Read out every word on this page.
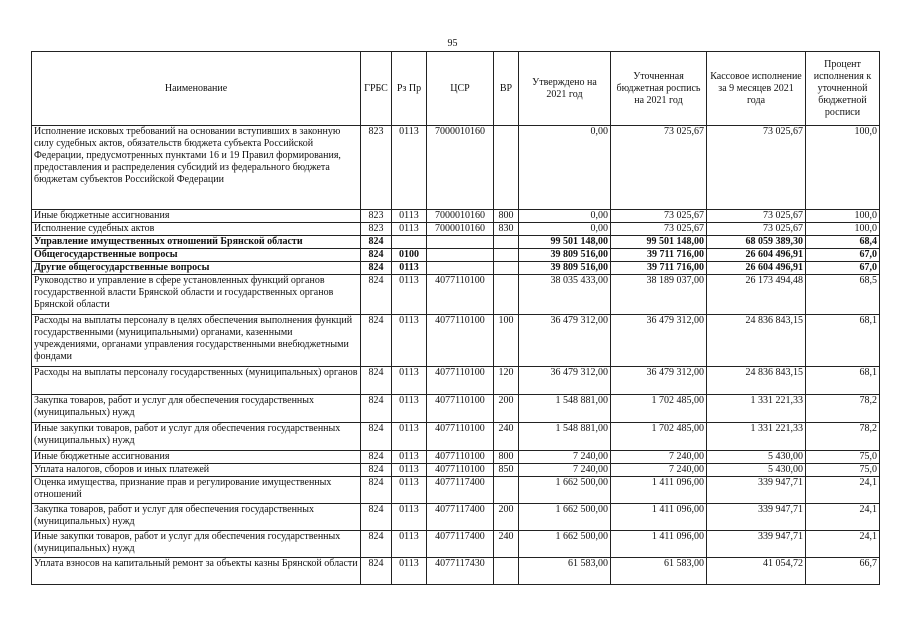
95
Наименование	ГРБС	Рз Пр	ЦСР	ВР	Утверждено на 2021 год	Уточненная бюджетная роспись на 2021 год	Кассовое исполнение за 9 месяцев 2021 года	Процент исполнения к уточненной бюджетной росписи
Исполнение исковых требований на основании вступивших в законную силу судебных актов, обязательств бюджета субъекта Российской Федерации, предусмотренных пунктами 16 и 19 Правил формирования, предоставления и распределения субсидий из федерального бюджета бюджетам субъектов Российской Федерации	823	0113	7000010160		0,00	73 025,67	73 025,67	100,0
Иные бюджетные ассигнования	823	0113	7000010160	800	0,00	73 025,67	73 025,67	100,0
Исполнение судебных актов	823	0113	7000010160	830	0,00	73 025,67	73 025,67	100,0
Управление имущественных отношений Брянской области	824				99 501 148,00	99 501 148,00	68 059 389,30	68,4
Общегосударственные вопросы	824	0100			39 809 516,00	39 711 716,00	26 604 496,91	67,0
Другие общегосударственные вопросы	824	0113			39 809 516,00	39 711 716,00	26 604 496,91	67,0
Руководство и управление в сфере установленных функций органов государственной власти Брянской области и государственных органов Брянской области	824	0113	4077110100		38 035 433,00	38 189 037,00	26 173 494,48	68,5
Расходы на выплаты персоналу в целях обеспечения выполнения функций государственными (муниципальными) органами, казенными учреждениями, органами управления государственными внебюджетными фондами	824	0113	4077110100	100	36 479 312,00	36 479 312,00	24 836 843,15	68,1
Расходы на выплаты персоналу государственных (муниципальных) органов	824	0113	4077110100	120	36 479 312,00	36 479 312,00	24 836 843,15	68,1
Закупка товаров, работ и услуг для обеспечения государственных (муниципальных) нужд	824	0113	4077110100	200	1 548 881,00	1 702 485,00	1 331 221,33	78,2
Иные закупки товаров, работ и услуг для обеспечения государственных (муниципальных) нужд	824	0113	4077110100	240	1 548 881,00	1 702 485,00	1 331 221,33	78,2
Иные бюджетные ассигнования	824	0113	4077110100	800	7 240,00	7 240,00	5 430,00	75,0
Уплата налогов, сборов и иных платежей	824	0113	4077110100	850	7 240,00	7 240,00	5 430,00	75,0
Оценка имущества, признание прав и регулирование имущественных отношений	824	0113	4077117400		1 662 500,00	1 411 096,00	339 947,71	24,1
Закупка товаров, работ и услуг для обеспечения государственных (муниципальных) нужд	824	0113	4077117400	200	1 662 500,00	1 411 096,00	339 947,71	24,1
Иные закупки товаров, работ и услуг для обеспечения государственных (муниципальных) нужд	824	0113	4077117400	240	1 662 500,00	1 411 096,00	339 947,71	24,1
Уплата взносов на капитальный ремонт за объекты казны Брянской области	824	0113	4077117430		61 583,00	61 583,00	41 054,72	66,7
